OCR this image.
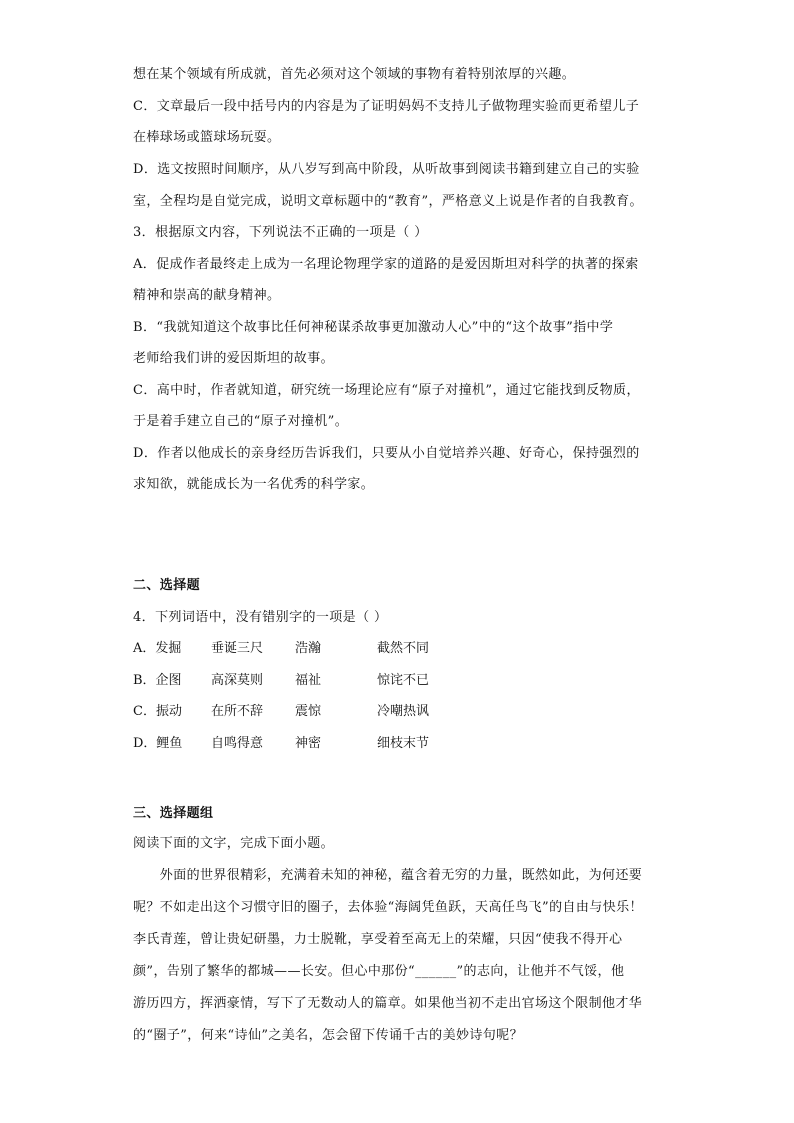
想在某个领域有所成就，首先必须对这个领域的事物有着特别浓厚的兴趣。
C．文章最后一段中括号内的内容是为了证明妈妈不支持儿子做物理实验而更希望儿子
在棒球场或篮球场玩耍。
D．选文按照时间顺序，从八岁写到高中阶段，从听故事到阅读书籍到建立自己的实验
室，全程均是自觉完成，说明文章标题中的“教育”，严格意义上说是作者的自我教育。
3．根据原文内容，下列说法不正确的一项是（ ）
A．促成作者最终走上成为一名理论物理学家的道路的是爱因斯坦对科学的执著的探索
精神和崇高的献身精神。
B．“我就知道这个故事比任何神秘谋杀故事更加激动人心”中的“这个故事”指中学
老师给我们讲的爱因斯坦的故事。
C．高中时，作者就知道，研究统一场理论应有“原子对撞机”，通过它能找到反物质，
于是着手建立自己的“原子对撞机”。
D．作者以他成长的亲身经历告诉我们，只要从小自觉培养兴趣、好奇心，保持强烈的
求知欲，就能成长为一名优秀的科学家。
二、选择题
4．下列词语中，没有错别字的一项是（ ）
A．发掘 垂诞三尺 浩瀚	截然不同
B．企图 高深莫则 福祉	惊诧不已
C．振动 在所不辞 震惊	冷嘲热讽
D．鲤鱼 自鸣得意 神密	细枝末节
三、选择题组
阅读下面的文字，完成下面小题。
　　外面的世界很精彩，充满着未知的神秘，蕴含着无穷的力量，既然如此，为何还要
呢？不如走出这个习惯守旧的圈子，去体验“海阔凭鱼跃，天高任鸟飞”的自由与快乐！
李氏青莲，曾让贵妃研墨，力士脱靴，享受着至高无上的荣耀，只因“使我不得开心
颜”，告别了繁华的都城——长安。但心中那份“______”的志向，让他并不气馁，他
游历四方，挥洒豪情，写下了无数动人的篇章。如果他当初不走出官场这个限制他才华
的“圈子”，何来“诗仙”之美名，怎会留下传诵千古的美妙诗句呢？
